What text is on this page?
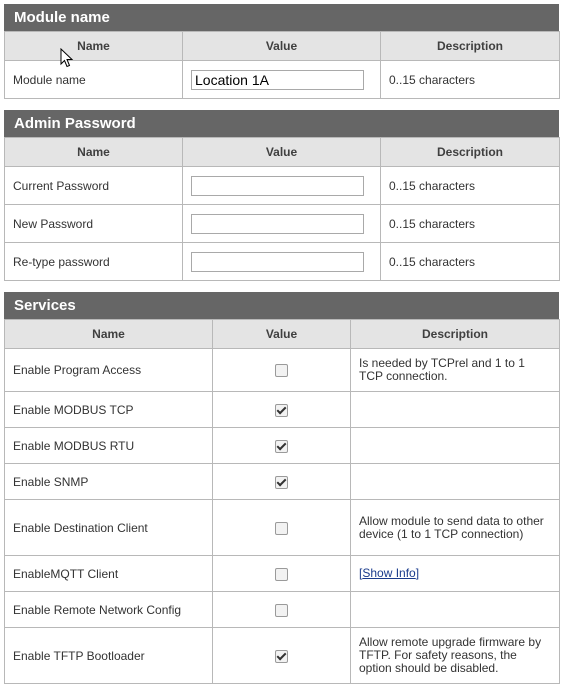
Module name
Name	Value	Description
Module name	Location 1A	0..15 characters
Admin Password
Name	Value	Description
Current Password		0..15 characters
New Password		0..15 characters
Re-type password		0..15 characters
Services
Name	Value	Description
Enable Program Access		Is needed by TCPrel and 1 to 1 TCP connection.
Enable MODBUS TCP		
Enable MODBUS RTU		
Enable SNMP		
Enable Destination Client		Allow module to send data to other device (1 to 1 TCP connection)
EnableMQTT Client		[Show Info]
Enable Remote Network Config		
Enable TFTP Bootloader		Allow remote upgrade firmware by TFTP. For safety reasons, the option should be disabled.
